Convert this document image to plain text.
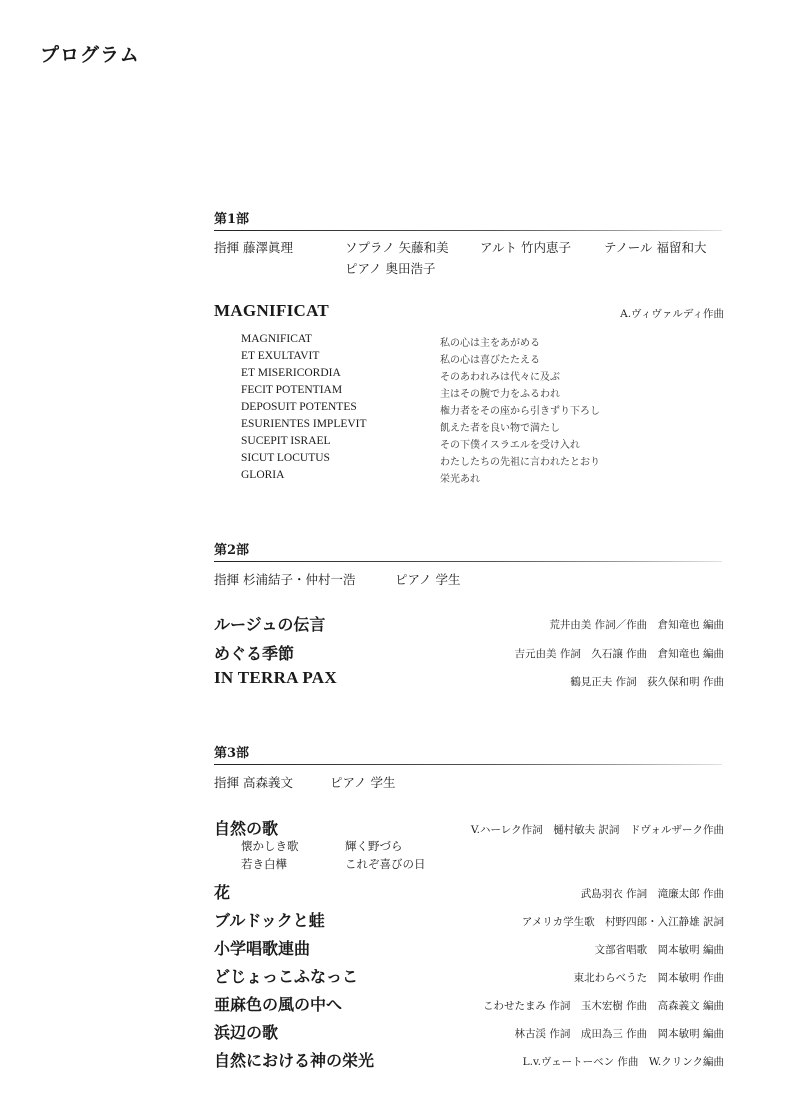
プログラム
第1部
指揮 藤澤眞理	ソプラノ 矢藤和美	アルト 竹内恵子	テノール 福留和大
ピアノ 奥田浩子
MAGNIFICAT	A.ヴィヴァルディ作曲
MAGNIFICAT	私の心は主をあがめる
ET EXULTAVIT	私の心は喜びたたえる
ET MISERICORDIA	そのあわれみは代々に及ぶ
FECIT POTENTIAM	主はその腕で力をふるわれ
DEPOSUIT POTENTES	権力者をその座から引きずり下ろし
ESURIENTES IMPLEVIT	飢えた者を良い物で満たし
SUCEPIT ISRAEL	その下僕イスラエルを受け入れ
SICUT LOCUTUS	わたしたちの先祖に言われたとおり
GLORIA	栄光あれ
第2部
指揮 杉浦結子・仲村一浩	ピアノ 学生
ルージュの伝言	荒井由美 作詞／作曲　倉知竜也 編曲
めぐる季節	吉元由美 作詞　久石譲 作曲　倉知竜也 編曲
IN TERRA PAX	鶴見正夫 作詞　荻久保和明 作曲
第3部
指揮 高森義文	ピアノ 学生
自然の歌	V.ハーレク作詞　樋村敏夫 訳詞　ドヴォルザーク作曲
懐かしき歌	輝く野づら
若き白樺	これぞ喜びの日
花	武島羽衣 作詞　滝廉太郎 作曲
ブルドックと蛙	アメリカ学生歌　村野四郎・入江静雄 訳詞
小学唱歌連曲	文部省唱歌　岡本敏明 編曲
どじょっこふなっこ	東北わらべうた　岡本敏明 作曲
亜麻色の風の中へ	こわせたまみ 作詞　玉木宏樹 作曲　高森義文 編曲
浜辺の歌	林古渓 作詞　成田為三 作曲　岡本敏明 編曲
自然における神の栄光	L.v.ヴェートーベン 作曲　W.クリンク編曲
